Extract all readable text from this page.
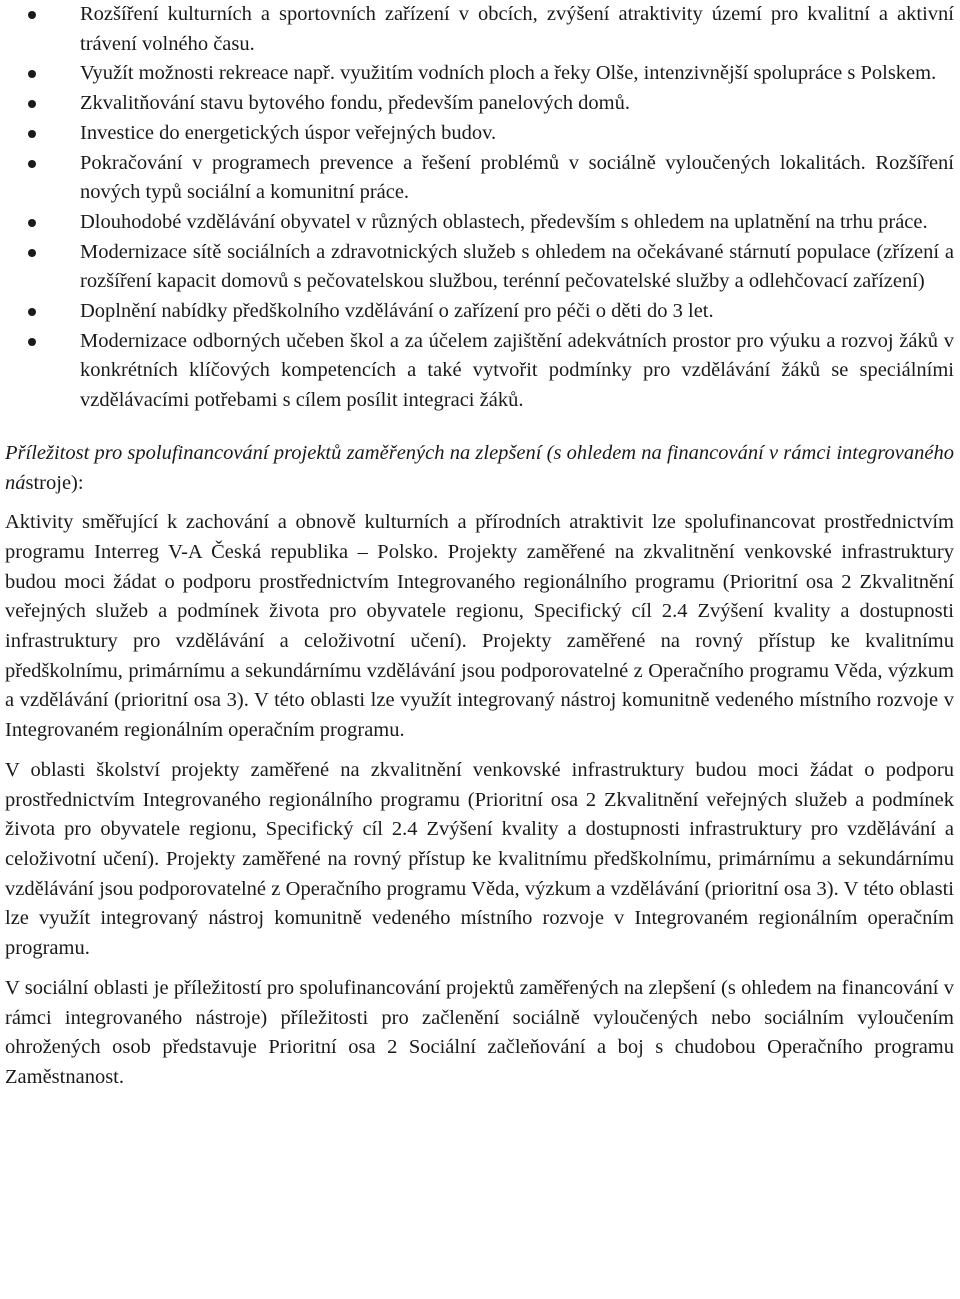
Rozšíření kulturních a sportovních zařízení v obcích, zvýšení atraktivity území pro kvalitní a aktivní trávení volného času.
Využít možnosti rekreace např. využitím vodních ploch a řeky Olše, intenzivnější spolupráce s Polskem.
Zkvalitňování stavu bytového fondu, především panelových domů.
Investice do energetických úspor veřejných budov.
Pokračování v programech prevence a řešení problémů v sociálně vyloučených lokalitách. Rozšíření nových typů sociální a komunitní práce.
Dlouhodobé vzdělávání obyvatel v různých oblastech, především s ohledem na uplatnění na trhu práce.
Modernizace sítě sociálních a zdravotnických služeb s ohledem na očekávané stárnutí populace (zřízení a rozšíření kapacit domovů s pečovatelskou službou, terénní pečovatelské služby a odlehčovací zařízení)
Doplnění nabídky předškolního vzdělávání o zařízení pro péči o děti do 3 let.
Modernizace odborných učeben škol a za účelem zajištění adekvátních prostor pro výuku a rozvoj žáků v konkrétních klíčových kompetencích a také vytvořit podmínky pro vzdělávání žáků se speciálními vzdělávacími potřebami s cílem posílit integraci žáků.
Příležitost pro spolufinancování projektů zaměřených na zlepšení (s ohledem na financování v rámci integrovaného nástroje):

Aktivity směřující k zachování a obnově kulturních a přírodních atraktivit lze spolufinancovat prostřednictvím programu Interreg V-A Česká republika – Polsko. Projekty zaměřené na zkvalitnění venkovské infrastruktury budou moci žádat o podporu prostřednictvím Integrovaného regionálního programu (Prioritní osa 2 Zkvalitnění veřejných služeb a podmínek života pro obyvatele regionu, Specifický cíl 2.4 Zvýšení kvality a dostupnosti infrastruktury pro vzdělávání a celoživotní učení). Projekty zaměřené na rovný přístup ke kvalitnímu předškolnímu, primárnímu a sekundárnímu vzdělávání jsou podporovatelné z Operačního programu Věda, výzkum a vzdělávání (prioritní osa 3). V této oblasti lze využít integrovaný nástroj komunitně vedeného místního rozvoje v Integrovaném regionálním operačním programu.

V oblasti školství projekty zaměřené na zkvalitnění venkovské infrastruktury budou moci žádat o podporu prostřednictvím Integrovaného regionálního programu (Prioritní osa 2 Zkvalitnění veřejných služeb a podmínek života pro obyvatele regionu, Specifický cíl 2.4 Zvýšení kvality a dostupnosti infrastruktury pro vzdělávání a celoživotní učení). Projekty zaměřené na rovný přístup ke kvalitnímu předškolnímu, primárnímu a sekundárnímu vzdělávání jsou podporovatelné z Operačního programu Věda, výzkum a vzdělávání (prioritní osa 3). V této oblasti lze využít integrovaný nástroj komunitně vedeného místního rozvoje v Integrovaném regionálním operačním programu.

V sociální oblasti je příležitostí pro spolufinancování projektů zaměřených na zlepšení (s ohledem na financování v rámci integrovaného nástroje) příležitosti pro začlenění sociálně vyloučených nebo sociálním vyloučením ohrožených osob představuje Prioritní osa 2 Sociální začleňování a boj s chudobou Operačního programu Zaměstnanost.
